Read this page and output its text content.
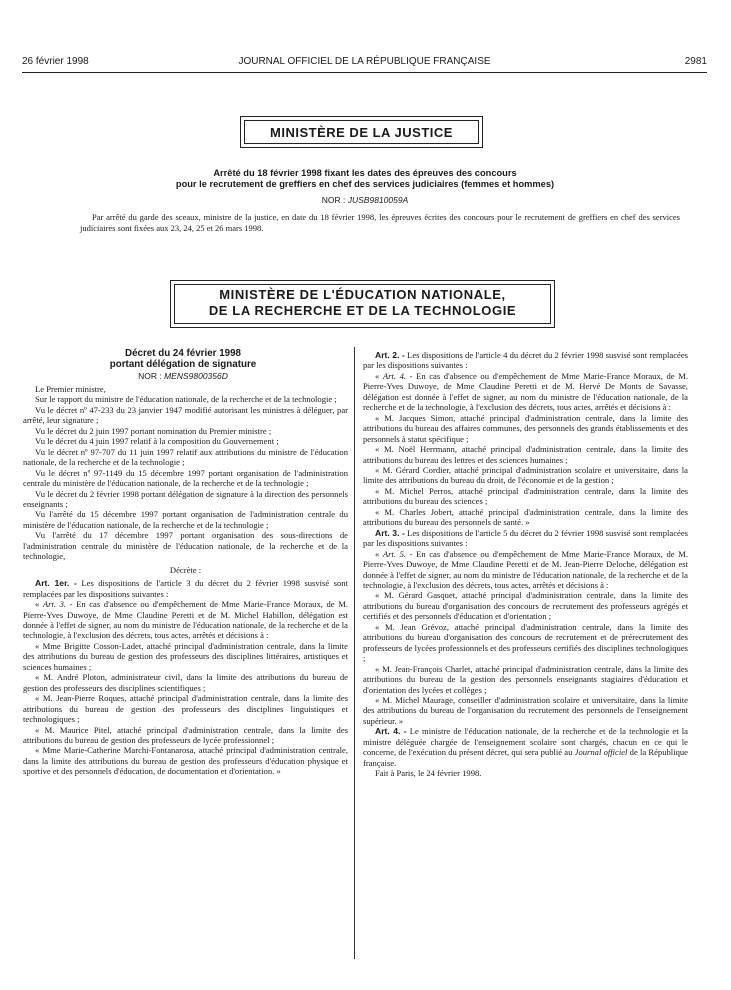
26 février 1998	JOURNAL OFFICIEL DE LA RÉPUBLIQUE FRANÇAISE	2981
MINISTÈRE DE LA JUSTICE
Arrêté du 18 février 1998 fixant les dates des épreuves des concours
pour le recrutement de greffiers en chef des services judiciaires (femmes et hommes)
NOR : JUSB9810059A
Par arrêté du garde des sceaux, ministre de la justice, en date du 18 février 1998, les épreuves écrites des concours pour le recrutement de greffiers en chef des services judiciaires sont fixées aux 23, 24, 25 et 26 mars 1998.
MINISTÈRE DE L'ÉDUCATION NATIONALE,
DE LA RECHERCHE ET DE LA TECHNOLOGIE
Décret du 24 février 1998
portant délégation de signature
NOR : MENS9800356D

Le Premier ministre,

Sur le rapport du ministre de l'éducation nationale, de la recherche et de la technologie ;

Vu le décret nº 47-233 du 23 janvier 1947 modifié autorisant les ministres à déléguer, par arrêté, leur signature ;

Vu le décret du 2 juin 1997 portant nomination du Premier ministre ;

Vu le décret du 4 juin 1997 relatif à la composition du Gouvernement ;

Vu le décret nº 97-707 du 11 juin 1997 relatif aux attributions du ministre de l'éducation nationale, de la recherche et de la technologie ;

Vu le décret nº 97-1149 du 15 décembre 1997 portant organisation de l'administration centrale du ministère de l'éducation nationale, de la recherche et de la technologie ;

Vu le décret du 2 février 1998 portant délégation de signature à la direction des personnels enseignants ;

Vu l'arrêté du 15 décembre 1997 portant organisation de l'administration centrale du ministère de l'éducation nationale, de la recherche et de la technologie ;

Vu l'arrêté du 17 décembre 1997 portant organisation des sous-directions de l'administration centrale du ministère de l'éducation nationale, de la recherche et de la technologie,

Décrète :

Art. 1er. - Les dispositions de l'article 3 du décret du 2 février 1998 susvisé sont remplacées par les dispositions suivantes :

« Art. 3. - En cas d'absence ou d'empêchement de Mme Marie-France Moraux, de M. Pierre-Yves Duwoye, de Mme Claudine Peretti et de M. Michel Habillon, délégation est donnée à l'effet de signer, au nom du ministre de l'éducation nationale, de la recherche et de la technologie, à l'exclusion des décrets, tous actes, arrêtés et décisions à :

« Mme Brigitte Cosson-Ladet, attaché principal d'administration centrale, dans la limite des attributions du bureau de gestion des professeurs des disciplines littéraires, artistiques et sciences humaines ;

« M. André Ploton, administrateur civil, dans la limite des attributions du bureau de gestion des professeurs des disciplines scientifiques ;

« M. Jean-Pierre Roques, attaché principal d'administration centrale, dans la limite des attributions du bureau de gestion des professeurs des disciplines linguistiques et technologiques ;

« M. Maurice Pitel, attaché principal d'administration centrale, dans la limite des attributions du bureau de gestion des professeurs de lycée professionnel ;

« Mme Marie-Catherine Marchi-Fontanarosa, attaché principal d'administration centrale, dans la limite des attributions du bureau de gestion des professeurs d'éducation physique et sportive et des personnels d'éducation, de documentation et d'orientation. »

Art. 2. - Les dispositions de l'article 4 du décret du 2 février 1998 susvisé sont remplacées par les dispositions suivantes :

« Art. 4. - En cas d'absence ou d'empêchement de Mme Marie-France Moraux, de M. Pierre-Yves Duwoye, de Mme Claudine Peretti et de M. Hervé De Monts de Savasse, délégation est donnée à l'effet de signer, au nom du ministre de l'éducation nationale, de la recherche et de la technologie, à l'exclusion des décrets, tous actes, arrêtés et décisions à :

« M. Jacques Simon, attaché principal d'administration centrale, dans la limite des attributions du bureau des affaires communes, des personnels des grands établissements et des personnels à statut spécifique ;

« M. Noël Herrmann, attaché principal d'administration centrale, dans la limite des attributions du bureau des lettres et des sciences humaines ;

« M. Gérard Cordier, attaché principal d'administration scolaire et universitaire, dans la limite des attributions du bureau du droit, de l'économie et de la gestion ;

« M. Michel Perros, attaché principal d'administration centrale, dans la limite des attributions du bureau des sciences ;

« M. Charles Jobert, attaché principal d'administration centrale, dans la limite des attributions du bureau des personnels de santé. »

Art. 3. - Les dispositions de l'article 5 du décret du 2 février 1998 susvisé sont remplacées par les dispositions suivantes :

« Art. 5. - En cas d'absence ou d'empêchement de Mme Marie-France Moraux, de M. Pierre-Yves Duwoye, de Mme Claudine Peretti et de M. Jean-Pierre Deloche, délégation est donnée à l'effet de signer, au nom du ministre de l'éducation nationale, de la recherche et de la technologie, à l'exclusion des décrets, tous actes, arrêtés et décisions à :

« M. Gérard Gasquet, attaché principal d'administration centrale, dans la limite des attributions du bureau d'organisation des concours de recrutement des professeurs agrégés et certifiés et des personnels d'éducation et d'orientation ;

« M. Jean Grévoz, attaché principal d'administration centrale, dans la limite des attributions du bureau d'organisation des concours de recrutement et de prérecrutement des professeurs de lycées professionnels et des professeurs certifiés des disciplines technologiques ;

« M. Jean-François Charlet, attaché principal d'administration centrale, dans la limite des attributions du bureau de la gestion des personnels enseignants stagiaires d'éducation et d'orientation des lycées et collèges ;

« M. Michel Maurage, conseiller d'administration scolaire et universitaire, dans la limite des attributions du bureau de l'organisation du recrutement des personnels de l'enseignement supérieur. »

Art. 4. - Le ministre de l'éducation nationale, de la recherche et de la technologie et la ministre déléguée chargée de l'enseignement scolaire sont chargés, chacun en ce qui le concerne, de l'exécution du présent décret, qui sera publié au Journal officiel de la République française.

Fait à Paris, le 24 février 1998.
